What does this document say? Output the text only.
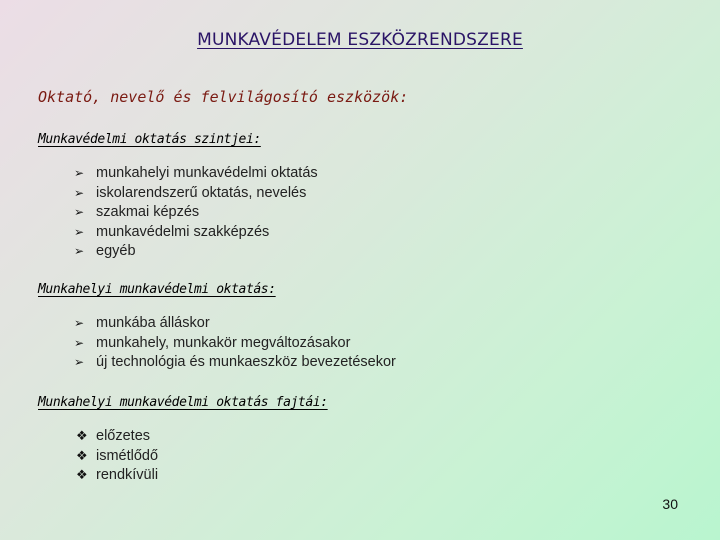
MUNKAVÉDELEM ESZKÖZRENDSZERE
Oktató, nevelő és felvilágosító eszközök:
Munkavédelmi oktatás szintjei:
➢ munkahelyi munkavédelmi oktatás
➢ iskolarendszerű oktatás, nevelés
➢ szakmai képzés
➢ munkavédelmi szakképzés
➢ egyéb
Munkahelyi munkavédelmi oktatás:
➢ munkába álláskor
➢ munkahely, munkakör megváltozásakor
➢ új technológia és munkaeszköz bevezetésekor
Munkahelyi munkavédelmi oktatás fajtái:
❖ előzetes
❖ ismétlődő
❖ rendkívüli
30
